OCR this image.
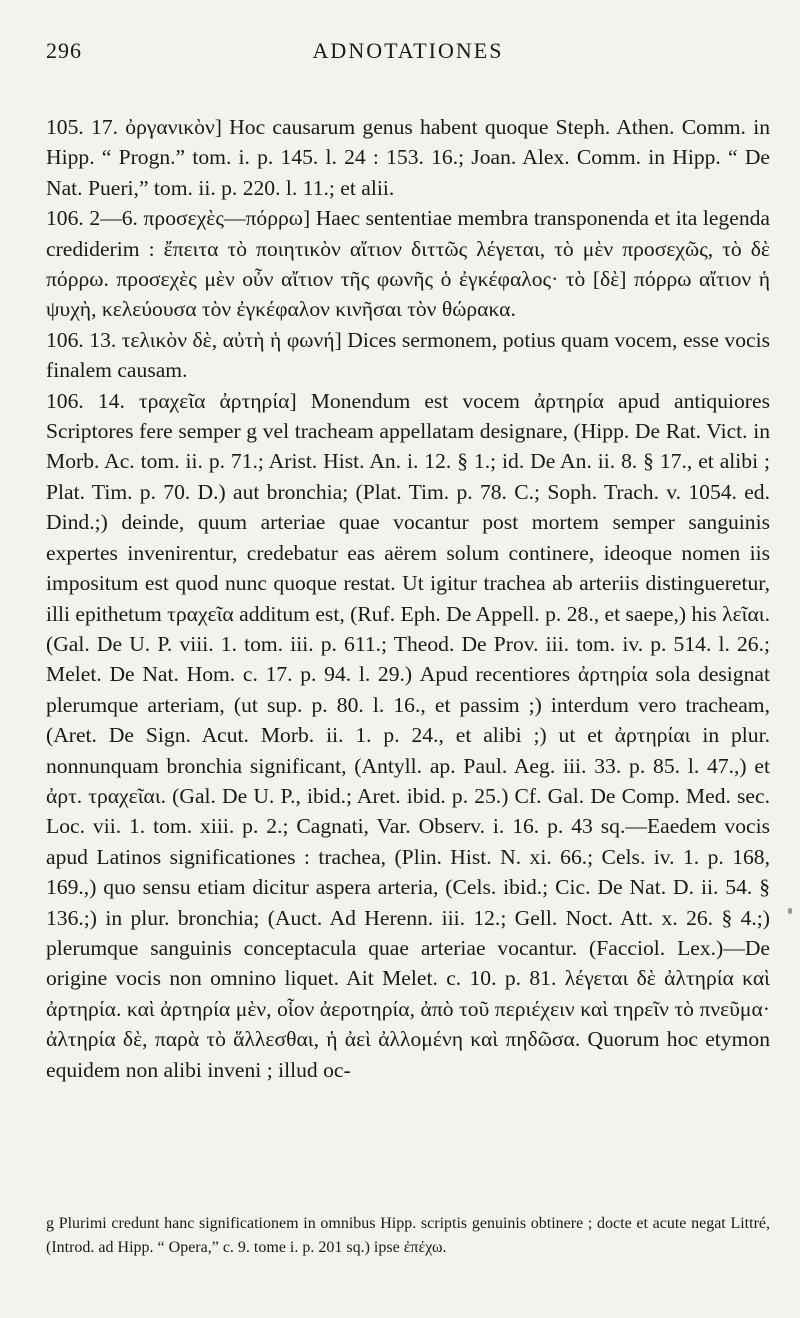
296	ADNOTATIONES

105. 17. ὀργανικὸν] Hoc causarum genus habent quoque Steph. Athen. Comm. in Hipp. “ Progn.” tom. i. p. 145. l. 24 : 153. 16.; Joan. Alex. Comm. in Hipp. “ De Nat. Pueri,” tom. ii. p. 220. l. 11.; et alii.

106. 2—6. προσεχὲς—πόρρω] Haec sententiae membra transponenda et ita legenda crediderim : ἔπειτα τὸ ποιητικὸν αἴτιον διττῶς λέγεται, τὸ μὲν προσεχῶς, τὸ δὲ πόρρω. προσεχὲς μὲν οὖν αἴτιον τῆς φωνῆς ὁ ἐγκέφαλος· τὸ [δὲ] πόρρω αἴτιον ἡ ψυχὴ, κελεύουσα τὸν ἐγκέφαλον κινῆσαι τὸν θώρακα.

106. 13. τελικὸν δὲ, αὐτὴ ἡ φωνή] Dices sermonem, potius quam vocem, esse vocis finalem causam.

106. 14. τραχεῖα ἀρτηρία] Monendum est vocem ἀρτηρία apud antiquiores Scriptores fere semper g vel tracheam appellatam designare, (Hipp. De Rat. Vict. in Morb. Ac. tom. ii. p. 71.; Arist. Hist. An. i. 12. § 1.; id. De An. ii. 8. § 17., et alibi ; Plat. Tim. p. 70. D.) aut bronchia; (Plat. Tim. p. 78. C.; Soph. Trach. v. 1054. ed. Dind.;) deinde, quum arteriae quae vocantur post mortem semper sanguinis expertes invenirentur, credebatur eas aërem solum continere, ideoque nomen iis impositum est quod nunc quoque restat. Ut igitur trachea ab arteriis distingueretur, illi epithetum τραχεῖα additum est, (Ruf. Eph. De Appell. p. 28., et saepe,) his λεῖαι. (Gal. De U. P. viii. 1. tom. iii. p. 611.; Theod. De Prov. iii. tom. iv. p. 514. l. 26.; Melet. De Nat. Hom. c. 17. p. 94. l. 29.) Apud recentiores ἀρτηρία sola designat plerumque arteriam, (ut sup. p. 80. l. 16., et passim ;) interdum vero tracheam, (Aret. De Sign. Acut. Morb. ii. 1. p. 24., et alibi ;) ut et ἀρτηρίαι in plur. nonnunquam bronchia significant, (Antyll. ap. Paul. Aeg. iii. 33. p. 85. l. 47.,) et ἀρτ. τραχεῖαι. (Gal. De U. P., ibid.; Aret. ibid. p. 25.) Cf. Gal. De Comp. Med. sec. Loc. vii. 1. tom. xiii. p. 2.; Cagnati, Var. Observ. i. 16. p. 43 sq.—Eaedem vocis apud Latinos significationes : trachea, (Plin. Hist. N. xi. 66.; Cels. iv. 1. p. 168, 169.,) quo sensu etiam dicitur aspera arteria, (Cels. ibid.; Cic. De Nat. D. ii. 54. § 136.;) in plur. bronchia; (Auct. Ad Herenn. iii. 12.; Gell. Noct. Att. x. 26. § 4.;) plerumque sanguinis conceptacula quae arteriae vocantur. (Facciol. Lex.)—De origine vocis non omnino liquet. Ait Melet. c. 10. p. 81. λέγεται δὲ ἀλτηρία καὶ ἀρτηρία. καὶ ἀρτηρία μὲν, οἷον ἀεροτηρία, ἀπὸ τοῦ περιέχειν καὶ τηρεῖν τὸ πνεῦμα· ἀλτηρία δὲ, παρὰ τὸ ἅλλεσθαι, ἡ ἀεὶ ἀλλομένη καὶ πηδῶσα. Quorum hoc etymon equidem non alibi inveni ; illud oc-

g Plurimi credunt hanc significationem in omnibus Hipp. scriptis genuinis obtinere ; docte et acute negat Littré, (Introd. ad Hipp. “ Opera,” c. 9. tome i. p. 201 sq.) ipse ἐπέχω.
